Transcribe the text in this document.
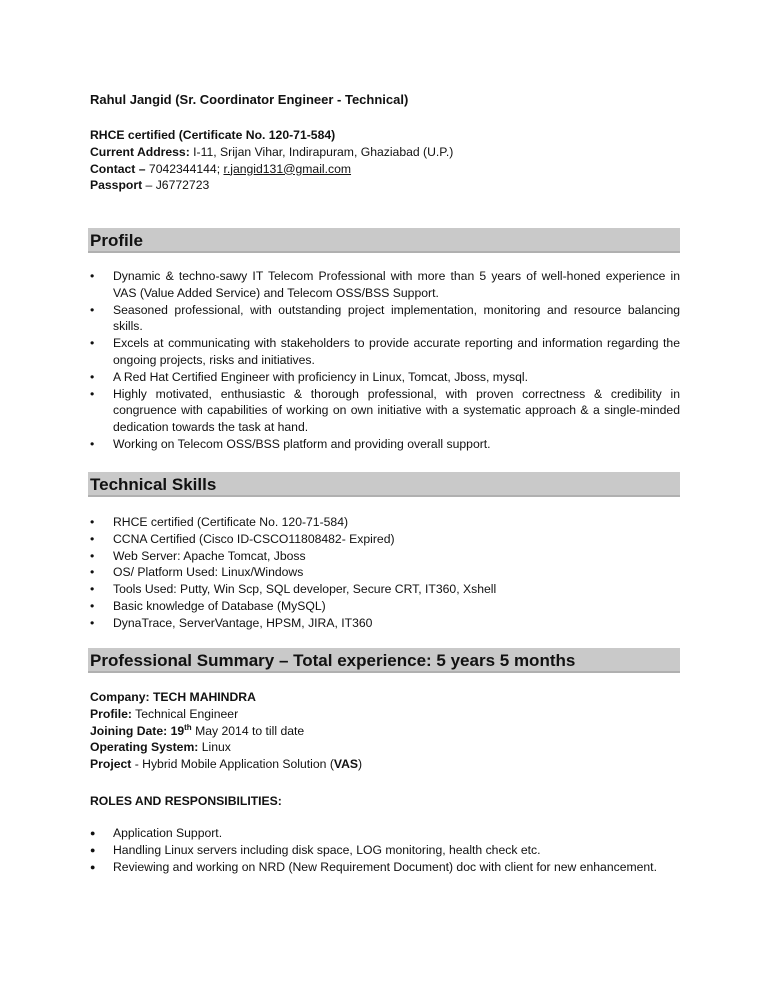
Rahul Jangid (Sr. Coordinator Engineer - Technical)
RHCE certified (Certificate No. 120-71-584)
Current Address: I-11, Srijan Vihar, Indirapuram, Ghaziabad (U.P.)
Contact – 7042344144; r.jangid131@gmail.com
Passport – J6772723
Profile
• Dynamic & techno-sawy IT Telecom Professional with more than 5 years of well-honed experience in VAS (Value Added Service) and Telecom OSS/BSS Support.
• Seasoned professional, with outstanding project implementation, monitoring and resource balancing skills.
• Excels at communicating with stakeholders to provide accurate reporting and information regarding the ongoing projects, risks and initiatives.
• A Red Hat Certified Engineer with proficiency in Linux, Tomcat, Jboss, mysql.
• Highly motivated, enthusiastic & thorough professional, with proven correctness & credibility in congruence with capabilities of working on own initiative with a systematic approach & a single-minded dedication towards the task at hand.
• Working on Telecom OSS/BSS platform and providing overall support.
Technical Skills
• RHCE certified (Certificate No. 120-71-584)
• CCNA Certified (Cisco ID-CSCO11808482- Expired)
• Web Server: Apache Tomcat, Jboss
• OS/ Platform Used: Linux/Windows
• Tools Used: Putty, Win Scp, SQL developer, Secure CRT, IT360, Xshell
• Basic knowledge of Database (MySQL)
• DynaTrace, ServerVantage, HPSM, JIRA, IT360
Professional Summary – Total experience: 5 years 5 months
Company: TECH MAHINDRA
Profile: Technical Engineer
Joining Date: 19th May 2014 to till date
Operating System: Linux
Project - Hybrid Mobile Application Solution (VAS)
ROLES AND RESPONSIBILITIES:
● Application Support.
● Handling Linux servers including disk space, LOG monitoring, health check etc.
● Reviewing and working on NRD (New Requirement Document) doc with client for new enhancement.
